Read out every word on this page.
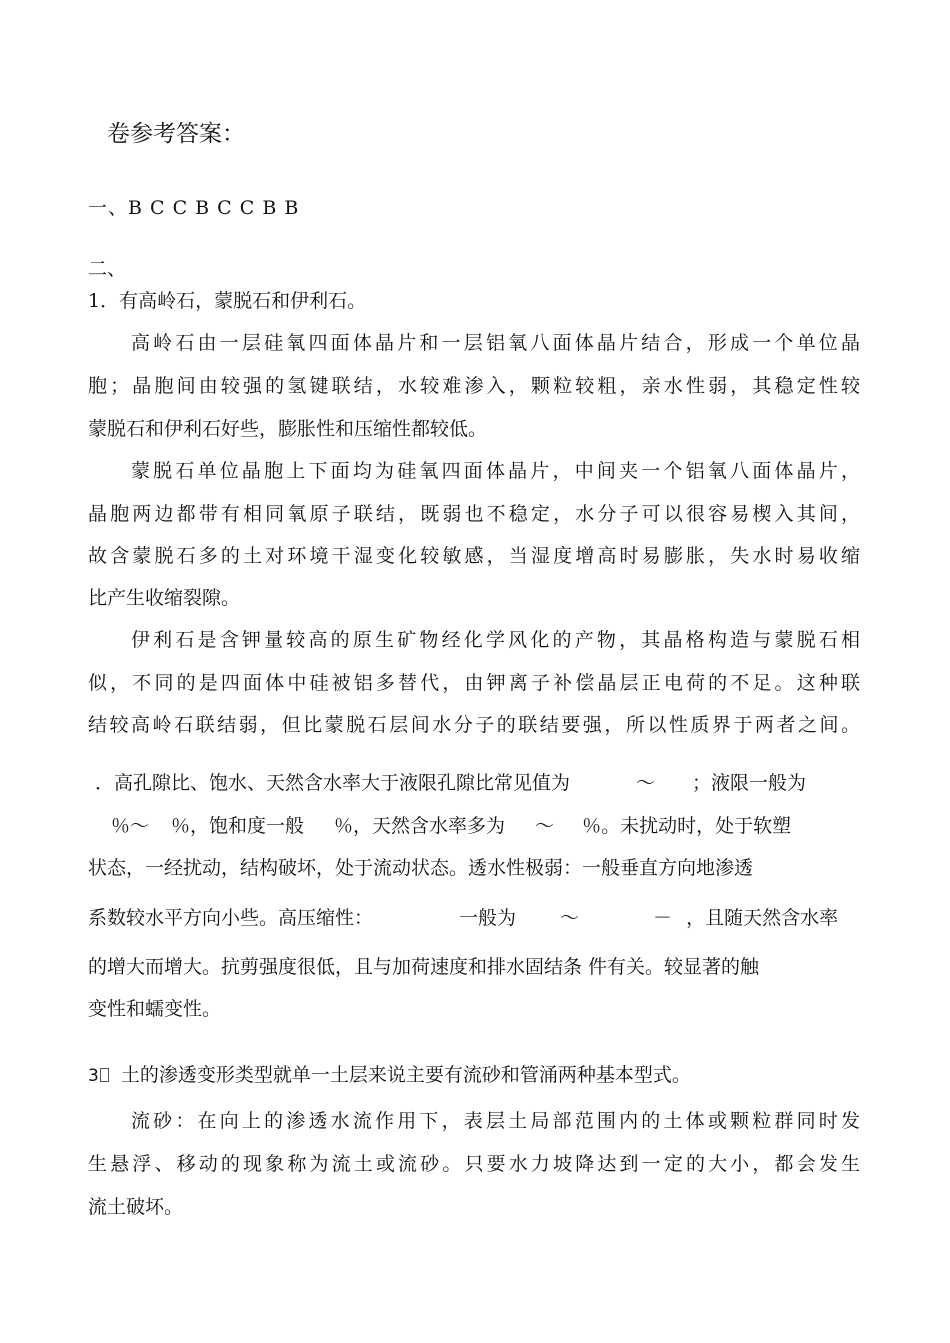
卷参考答案：
一、B C C B C C B B
二、
1．有高岭石，蒙脱石和伊利石。
高岭石由一层硅氧四面体晶片和一层铝氧八面体晶片结合，形成一个单位晶
胞；晶胞间由较强的氢键联结，水较难渗入，颗粒较粗，亲水性弱，其稳定性较
蒙脱石和伊利石好些，膨胀性和压缩性都较低。
蒙脱石单位晶胞上下面均为硅氧四面体晶片，中间夹一个铝氧八面体晶片，
晶胞两边都带有相同氧原子联结，既弱也不稳定，水分子可以很容易楔入其间，
故含蒙脱石多的土对环境干湿变化较敏感，当湿度增高时易膨胀，失水时易收缩
比产生收缩裂隙。
伊利石是含钾量较高的原生矿物经化学风化的产物，其晶格构造与蒙脱石相
似，不同的是四面体中硅被铝多替代，由钾离子补偿晶层正电荷的不足。这种联
结较高岭石联结弱，但比蒙脱石层间水分子的联结要强，所以性质界于两者之间。
．高孔隙比、饱水、天然含水率大于液限孔隙比常见值为	～ ；液限一般为
％～ ％，饱和度一般 ％，天然含水率多为 ～ ％。未扰动时，处于软塑
状态，一经扰动，结构破坏，处于流动状态。透水性极弱：一般垂直方向地渗透
系数较水平方向小些。高压缩性：	一般为 ～	－ ，且随天然含水率
的增大而增大。抗剪强度很低，且与加荷速度和排水固结条 件有关。较显著的触
变性和蠕变性。
3 土的渗透变形类型就单一土层来说主要有流砂和管涌两种基本型式。
流砂：在向上的渗透水流作用下，表层土局部范围内的土体或颗粒群同时发
生悬浮、移动的现象称为流土或流砂。只要水力坡降达到一定的大小，都会发生
流土破坏。
